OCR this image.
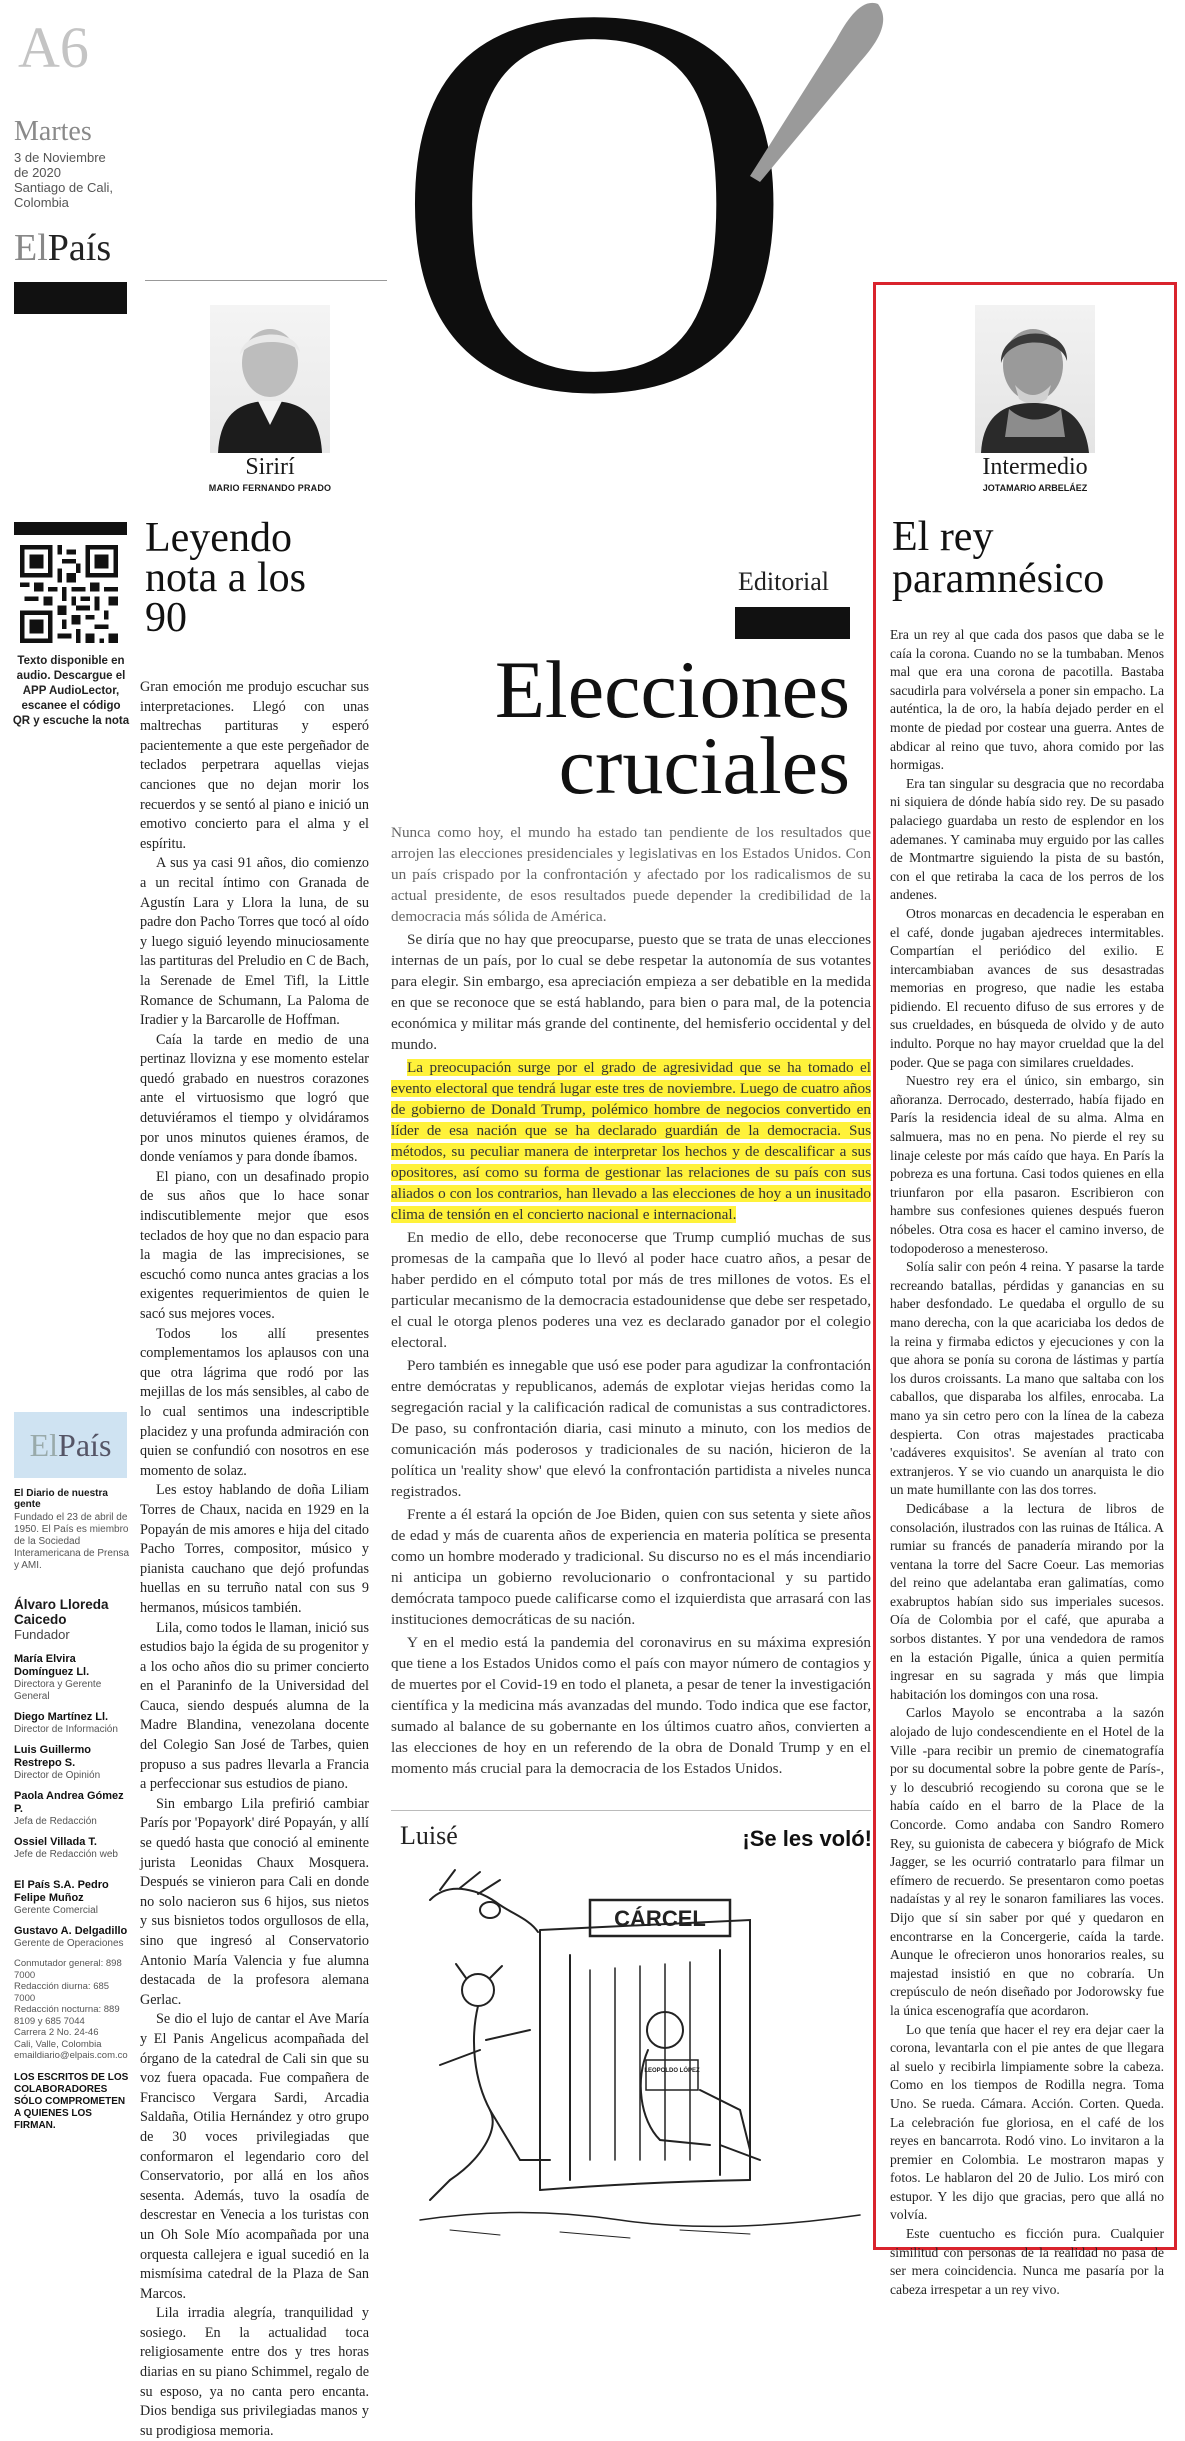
A6
Martes
3 de Noviembre
de 2020
Santiago de Cali,
Colombia
ElPaís O
Sirirí
MARIO FERNANDO PRADO
Texto disponible en audio. Descargue el APP AudioLector, escanee el código QR y escuche la nota
Leyendo
nota a los
90

Gran emoción me produjo escuchar sus interpretaciones. Llegó con unas maltrechas partituras y esperó pacientemente a que este pergeñador de teclados perpetrara aquellas viejas canciones que no dejan morir los recuerdos y se sentó al piano e inició un emotivo concierto para el alma y el espíritu.

A sus ya casi 91 años, dio comienzo a un recital íntimo con Granada de Agustín Lara y Llora la luna, de su padre don Pacho Torres que tocó al oído y luego siguió leyendo minuciosamente las partituras del Preludio en C de Bach, la Serenade de Emel Tifl, la Little Romance de Schumann, La Paloma de Iradier y la Barcarolle de Hoffman.

Caía la tarde en medio de una pertinaz llovizna y ese momento estelar quedó grabado en nuestros corazones ante el virtuosismo que logró que detuviéramos el tiempo y olvidáramos por unos minutos quienes éramos, de donde veníamos y para donde íbamos.

El piano, con un desafinado propio de sus años que lo hace sonar indiscutiblemente mejor que esos teclados de hoy que no dan espacio para la magia de las imprecisiones, se escuchó como nunca antes gracias a los exigentes requerimientos de quien le sacó sus mejores voces.

Todos los allí presentes complementamos los aplausos con una que otra lágrima que rodó por las mejillas de los más sensibles, al cabo de lo cual sentimos una indescriptible placidez y una profunda admiración con quien se confundió con nosotros en ese momento de solaz.

Les estoy hablando de doña Liliam Torres de Chaux, nacida en 1929 en la Popayán de mis amores e hija del citado Pacho Torres, compositor, músico y pianista cauchano que dejó profundas huellas en su terruño natal con sus 9 hermanos, músicos también.

Lila, como todos le llaman, inició sus estudios bajo la égida de su progenitor y a los ocho años dio su primer concierto en el Paraninfo de la Universidad del Cauca, siendo después alumna de la Madre Blandina, venezolana docente del Colegio San José de Tarbes, quien propuso a sus padres llevarla a Francia a perfeccionar sus estudios de piano.

Sin embargo Lila prefirió cambiar París por 'Popayork' diré Popayán, y allí se quedó hasta que conoció al eminente jurista Leonidas Chaux Mosquera. Después se vinieron para Cali en donde no solo nacieron sus 6 hijos, sus nietos y sus bisnietos todos orgullosos de ella, sino que ingresó al Conservatorio Antonio María Valencia y fue alumna destacada de la profesora alemana Gerlac.

Se dio el lujo de cantar el Ave María y El Panis Angelicus acompañada del órgano de la catedral de Cali sin que su voz fuera opacada. Fue compañera de Francisco Vergara Sardi, Arcadia Saldaña, Otilia Hernández y otro grupo de 30 voces privilegiadas que conformaron el legendario coro del Conservatorio, por allá en los años sesenta. Además, tuvo la osadía de descrestar en Venecia a los turistas con un Oh Sole Mío acompañada por una orquesta callejera e igual sucedió en la mismísima catedral de la Plaza de San Marcos.

Lila irradia alegría, tranquilidad y sosiego. En la actualidad toca religiosamente entre dos y tres horas diarias en su piano Schimmel, regalo de su esposo, ya no canta pero encanta. Dios bendiga sus privilegiadas manos y su prodigiosa memoria.

ElPaís
El Diario de nuestra gente
Fundado el 23 de abril de 1950. El País es miembro de la Sociedad Interamericana de Prensa y AMI.
Álvaro Lloreda Caicedo
Fundador
María Elvira Domínguez Ll.
Directora y Gerente General
Diego Martínez Ll.
Director de Información
Luis Guillermo Restrepo S.
Director de Opinión
Paola Andrea Gómez P.
Jefa de Redacción
Ossiel Villada T.
Jefe de Redacción web
El País S.A. Pedro Felipe Muñoz
Gerente Comercial
Gustavo A. Delgadillo
Gerente de Operaciones
Conmutador general: 898 7000
Redacción diurna: 685 7000
Redacción nocturna: 889 8109 y 685 7044
Carrera 2 No. 24-46
Cali, Valle, Colombia
emaildiario@elpais.com.co
LOS ESCRITOS DE LOS COLABORADORES SÓLO COMPROMETEN A QUIENES LOS FIRMAN.
Editorial
Elecciones
cruciales

Nunca como hoy, el mundo ha estado tan pendiente de los resultados que arrojen las elecciones presidenciales y legislativas en los Estados Unidos. Con un país crispado por la confrontación y afectado por los radicalismos de su actual presidente, de esos resultados puede depender la credibilidad de la democracia más sólida de América.

Se diría que no hay que preocuparse, puesto que se trata de unas elecciones internas de un país, por lo cual se debe respetar la autonomía de sus votantes para elegir. Sin embargo, esa apreciación empieza a ser debatible en la medida en que se reconoce que se está hablando, para bien o para mal, de la potencia económica y militar más grande del continente, del hemisferio occidental y del mundo.

La preocupación surge por el grado de agresividad que se ha tomado el evento electoral que tendrá lugar este tres de noviembre. Luego de cuatro años de gobierno de Donald Trump, polémico hombre de negocios convertido en líder de esa nación que se ha declarado guardián de la democracia. Sus métodos, su peculiar manera de interpretar los hechos y de descalificar a sus opositores, así como su forma de gestionar las relaciones de su país con sus aliados o con los contrarios, han llevado a las elecciones de hoy a un inusitado clima de tensión en el concierto nacional e internacional.

En medio de ello, debe reconocerse que Trump cumplió muchas de sus promesas de la campaña que lo llevó al poder hace cuatro años, a pesar de haber perdido en el cómputo total por más de tres millones de votos. Es el particular mecanismo de la democracia estadounidense que debe ser respetado, el cual le otorga plenos poderes una vez es declarado ganador por el colegio electoral.

Pero también es innegable que usó ese poder para agudizar la confrontación entre demócratas y republicanos, además de explotar viejas heridas como la segregación racial y la calificación radical de comunistas a sus contradictores. De paso, su confrontación diaria, casi minuto a minuto, con los medios de comunicación más poderosos y tradicionales de su nación, hicieron de la política un 'reality show' que elevó la confrontación partidista a niveles nunca registrados.

Frente a él estará la opción de Joe Biden, quien con sus setenta y siete años de edad y más de cuarenta años de experiencia en materia política se presenta como un hombre moderado y tradicional. Su discurso no es el más incendiario ni anticipa un gobierno revolucionario o confrontacional y su partido demócrata tampoco puede calificarse como el izquierdista que arrasará con las instituciones democráticas de su nación.

Y en el medio está la pandemia del coronavirus en su máxima expresión que tiene a los Estados Unidos como el país con mayor número de contagios y de muertes por el Covid-19 en todo el planeta, a pesar de tener la investigación científica y la medicina más avanzadas del mundo. Todo indica que ese factor, sumado al balance de su gobernante en los últimos cuatro años, convierten a las elecciones de hoy en un referendo de la obra de Donald Trump y en el momento más crucial para la democracia de los Estados Unidos.

Luisé	¡Se les voló!
CÁRCEL
LEOPOLDO LÓPEZ
Intermedio
JOTAMARIO ARBELÁEZ
El rey
paramnésico

Era un rey al que cada dos pasos que daba se le caía la corona. Cuando no se la tumbaban. Menos mal que era una corona de pacotilla. Bastaba sacudirla para volvérsela a poner sin empacho. La auténtica, la de oro, la había dejado perder en el monte de piedad por costear una guerra. Antes de abdicar al reino que tuvo, ahora comido por las hormigas.

Era tan singular su desgracia que no recordaba ni siquiera de dónde había sido rey. De su pasado palaciego guardaba un resto de esplendor en los ademanes. Y caminaba muy erguido por las calles de Montmartre siguiendo la pista de su bastón, con el que retiraba la caca de los perros de los andenes.

Otros monarcas en decadencia le esperaban en el café, donde jugaban ajedreces intermitables. Compartían el periódico del exilio. E intercambiaban avances de sus desastradas memorias en progreso, que nadie les estaba pidiendo. El recuento difuso de sus errores y de sus crueldades, en búsqueda de olvido y de auto indulto. Porque no hay mayor crueldad que la del poder. Que se paga con similares crueldades.

Nuestro rey era el único, sin embargo, sin añoranza. Derrocado, desterrado, había fijado en París la residencia ideal de su alma. Alma en salmuera, mas no en pena. No pierde el rey su linaje celeste por más caído que haya. En París la pobreza es una fortuna. Casi todos quienes en ella triunfaron por ella pasaron. Escribieron con hambre sus confesiones quienes después fueron nóbeles. Otra cosa es hacer el camino inverso, de todopoderoso a menesteroso.

Solía salir con peón 4 reina. Y pasarse la tarde recreando batallas, pérdidas y ganancias en su haber desfondado. Le quedaba el orgullo de su mano derecha, con la que acariciaba los dedos de la reina y firmaba edictos y ejecuciones y con la que ahora se ponía su corona de lástimas y partía los duros croissants. La mano que saltaba con los caballos, que disparaba los alfiles, enrocaba. La mano ya sin cetro pero con la línea de la cabeza despierta. Con otras majestades practicaba 'cadáveres exquisitos'. Se avenían al trato con extranjeros. Y se vio cuando un anarquista le dio un mate humillante con las dos torres.

Dedicábase a la lectura de libros de consolación, ilustrados con las ruinas de Itálica. A rumiar su francés de panadería mirando por la ventana la torre del Sacre Coeur. Las memorias del reino que adelantaba eran galimatías, como exabruptos habían sido sus imperiales sucesos. Oía de Colombia por el café, que apuraba a sorbos distantes. Y por una vendedora de ramos en la estación Pigalle, única a quien permitía ingresar en su sagrada y más que limpia habitación los domingos con una rosa.

Carlos Mayolo se encontraba a la sazón alojado de lujo condescendiente en el Hotel de la Ville -para recibir un premio de cinematografía por su documental sobre la pobre gente de París-, y lo descubrió recogiendo su corona que se le había caído en el barro de la Place de la Concorde. Como andaba con Sandro Romero Rey, su guionista de cabecera y biógrafo de Mick Jagger, se les ocurrió contratarlo para filmar un efímero de recuerdo. Se presentaron como poetas nadaístas y al rey le sonaron familiares las voces. Dijo que sí sin saber por qué y quedaron en encontrarse en la Concergerie, caída la tarde. Aunque le ofrecieron unos honorarios reales, su majestad insistió en que no cobraría. Un crepúsculo de neón diseñado por Jodorowsky fue la única escenografía que acordaron.

Lo que tenía que hacer el rey era dejar caer la corona, levantarla con el pie antes de que llegara al suelo y recibirla limpiamente sobre la cabeza. Como en los tiempos de Rodilla negra. Toma Uno. Se rueda. Cámara. Acción. Corten. Queda. La celebración fue gloriosa, en el café de los reyes en bancarrota. Rodó vino. Lo invitaron a la premier en Colombia. Le mostraron mapas y fotos. Le hablaron del 20 de Julio. Los miró con estupor. Y les dijo que gracias, pero que allá no volvía.

Este cuentucho es ficción pura. Cualquier similitud con personas de la realidad no pasa de ser mera coincidencia. Nunca me pasaría por la cabeza irrespetar a un rey vivo.
